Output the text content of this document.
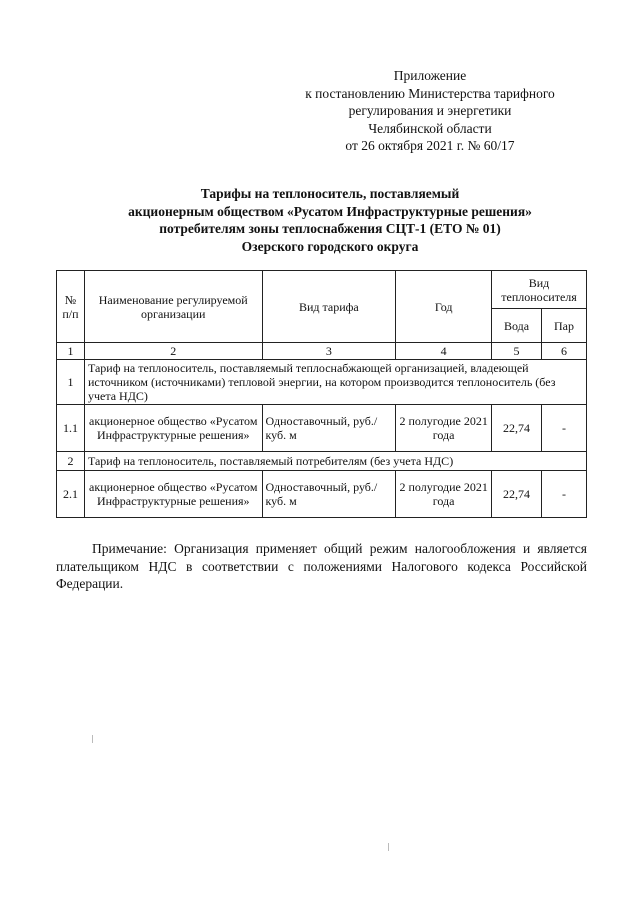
Приложение
к постановлению Министерства тарифного
регулирования и энергетики
Челябинской области
от 26 октября 2021 г. № 60/17
Тарифы на теплоноситель, поставляемый
акционерным обществом «Русатом Инфраструктурные решения»
потребителям зоны теплоснабжения СЦТ-1 (ЕТО № 01)
Озерского городского округа
№ п/п	Наименование регулируемой организации	Вид тарифа	Год	Вид теплоносителя	
				Вода	Пар
1	2	3	4	5	6
1	Тариф на теплоноситель, поставляемый теплоснабжающей организацией, владеющей источником (источниками) тепловой энергии, на котором производится теплоноситель (без учета НДС)				
1.1	акционерное общество «Русатом Инфраструктурные решения»	Одноставочный, руб./куб. м	2 полугодие 2021 года	22,74	-
2	Тариф на теплоноситель, поставляемый потребителям (без учета НДС)				
2.1	акционерное общество «Русатом Инфраструктурные решения»	Одноставочный, руб./куб. м	2 полугодие 2021 года	22,74	-
Примечание: Организация применяет общий режим налогообложения и является плательщиком НДС в соответствии с положениями Налогового кодекса Российской Федерации.
